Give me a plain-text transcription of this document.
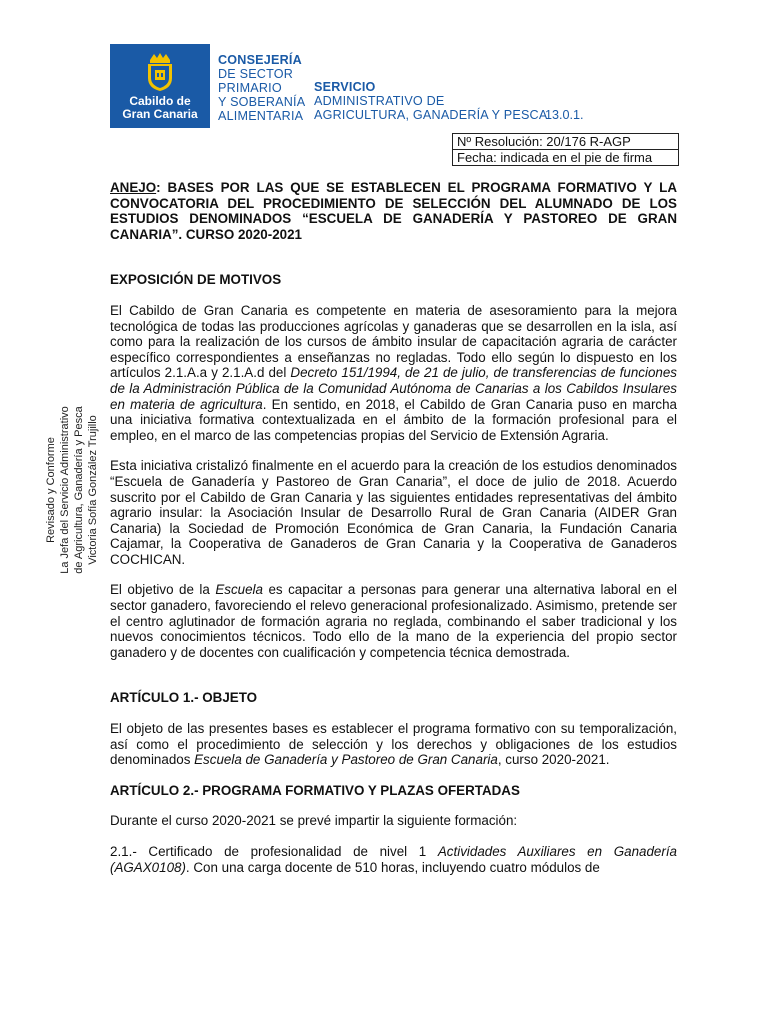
Cabildo de
Gran Canaria
CONSEJERÍA
DE SECTOR
PRIMARIO
Y SOBERANÍA
ALIMENTARIA
SERVICIO
ADMINISTRATIVO DE
AGRICULTURA, GANADERÍA Y PESCA
13.0.1.
Nº Resolución: 20/176 R-AGP
Fecha: indicada en el pie de firma
Revisado y Conforme La Jefa del Servicio Administrativo de Agricultura, Ganadería y Pesca Victoria Sofía González Trujillo

ANEJO: BASES POR LAS QUE SE ESTABLECEN EL PROGRAMA FORMATIVO Y LA CONVOCATORIA DEL PROCEDIMIENTO DE SELECCIÓN DEL ALUMNADO DE LOS ESTUDIOS DENOMINADOS “ESCUELA DE GANADERÍA Y PASTOREO DE GRAN CANARIA”. CURSO 2020-2021

EXPOSICIÓN DE MOTIVOS

El Cabildo de Gran Canaria es competente en materia de asesoramiento para la mejora tecnológica de todas las producciones agrícolas y ganaderas que se desarrollen en la isla, así como para la realización de los cursos de ámbito insular de capacitación agraria de carácter específico correspondientes a enseñanzas no regladas. Todo ello según lo dispuesto en los artículos 2.1.A.a y 2.1.A.d del Decreto 151/1994, de 21 de julio, de transferencias de funciones de la Administración Pública de la Comunidad Autónoma de Canarias a los Cabildos Insulares en materia de agricultura. En sentido, en 2018, el Cabildo de Gran Canaria puso en marcha una iniciativa formativa contextualizada en el ámbito de la formación profesional para el empleo, en el marco de las competencias propias del Servicio de Extensión Agraria.

Esta iniciativa cristalizó finalmente en el acuerdo para la creación de los estudios denominados “Escuela de Ganadería y Pastoreo de Gran Canaria”, el doce de julio de 2018. Acuerdo suscrito por el Cabildo de Gran Canaria y las siguientes entidades representativas del ámbito agrario insular: la Asociación Insular de Desarrollo Rural de Gran Canaria (AIDER Gran Canaria) la Sociedad de Promoción Económica de Gran Canaria, la Fundación Canaria Cajamar, la Cooperativa de Ganaderos de Gran Canaria y la Cooperativa de Ganaderos COCHICAN.

El objetivo de la Escuela es capacitar a personas para generar una alternativa laboral en el sector ganadero, favoreciendo el relevo generacional profesionalizado. Asimismo, pretende ser el centro aglutinador de formación agraria no reglada, combinando el saber tradicional y los nuevos conocimientos técnicos. Todo ello de la mano de la experiencia del propio sector ganadero y de docentes con cualificación y competencia técnica demostrada.

ARTÍCULO 1.- OBJETO

El objeto de las presentes bases es establecer el programa formativo con su temporalización, así como el procedimiento de selección y los derechos y obligaciones de los estudios denominados Escuela de Ganadería y Pastoreo de Gran Canaria, curso 2020-2021.

ARTÍCULO 2.- PROGRAMA FORMATIVO Y PLAZAS OFERTADAS

Durante el curso 2020-2021 se prevé impartir la siguiente formación:

2.1.- Certificado de profesionalidad de nivel 1 Actividades Auxiliares en Ganadería (AGAX0108). Con una carga docente de 510 horas, incluyendo cuatro módulos de
